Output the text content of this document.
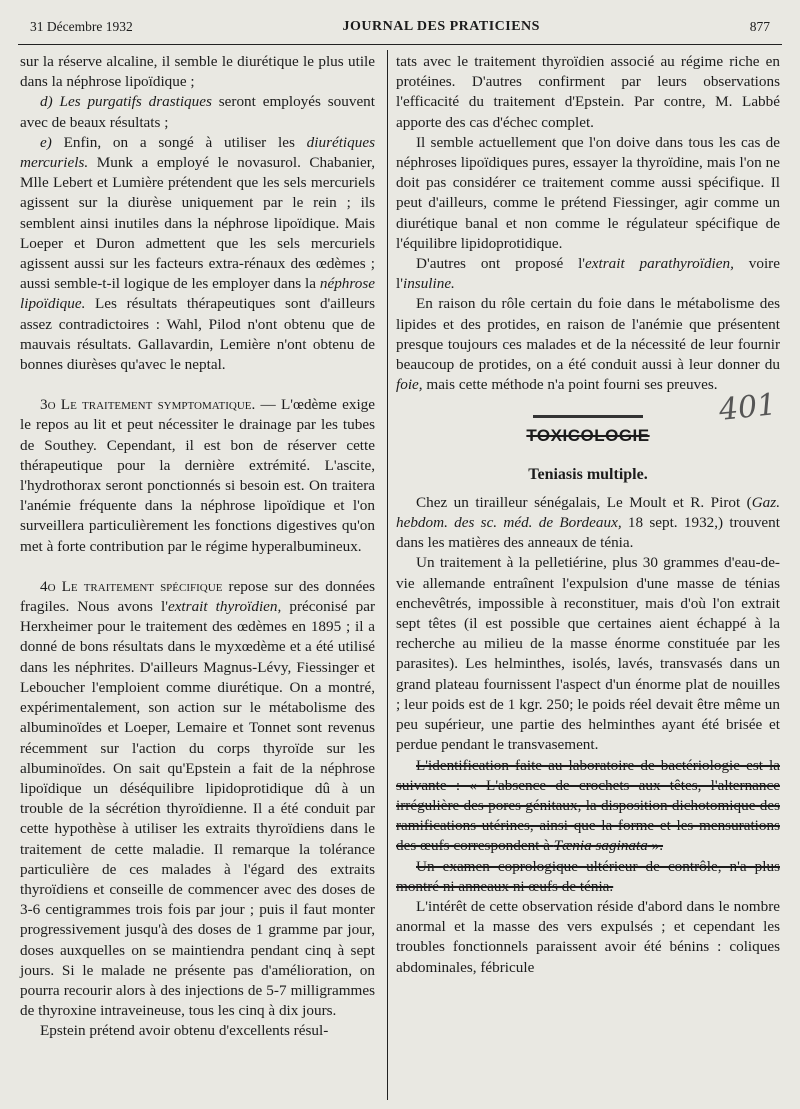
31 Décembre 1932	JOURNAL DES PRATICIENS	877

sur la réserve alcaline, il semble le diurétique le plus utile dans la néphrose lipoïdique ;

d) Les purgatifs drastiques seront employés souvent avec de beaux résultats ;

e) Enfin, on a songé à utiliser les diurétiques mercuriels. Munk a employé le novasurol. Chabanier, Mlle Lebert et Lumière prétendent que les sels mercuriels agissent sur la diurèse uniquement par le rein ; ils semblent ainsi inutiles dans la néphrose lipoïdique. Mais Loeper et Duron admettent que les sels mercuriels agissent aussi sur les facteurs extra-rénaux des œdèmes ; aussi semble-t-il logique de les employer dans la néphrose lipoïdique. Les résultats thérapeutiques sont d'ailleurs assez contradictoires : Wahl, Pilod n'ont obtenu que de mauvais résultats. Gallavardin, Lemière n'ont obtenu de bonnes diurèses qu'avec le neptal.

3o Le traitement symptomatique. — L'œdème exige le repos au lit et peut nécessiter le drainage par les tubes de Southey. Cependant, il est bon de réserver cette thérapeutique pour la dernière extrémité. L'ascite, l'hydrothorax seront ponctionnés si besoin est. On traitera l'anémie fréquente dans la néphrose lipoïdique et l'on surveillera particulièrement les fonctions digestives qu'on met à forte contribution par le régime hyperalbumineux.

4o Le traitement spécifique repose sur des données fragiles. Nous avons l'extrait thyroïdien, préconisé par Herxheimer pour le traitement des œdèmes en 1895 ; il a donné de bons résultats dans le myxœdème et a été utilisé dans les néphrites. D'ailleurs Magnus-Lévy, Fiessinger et Leboucher l'emploient comme diurétique. On a montré, expérimentalement, son action sur le métabolisme des albuminoïdes et Loeper, Lemaire et Tonnet sont revenus récemment sur l'action du corps thyroïde sur les albuminoïdes. On sait qu'Epstein a fait de la néphrose lipoïdique un déséquilibre lipidoprotidique dû à un trouble de la sécrétion thyroïdienne. Il a été conduit par cette hypothèse à utiliser les extraits thyroïdiens dans le traitement de cette maladie. Il remarque la tolérance particulière de ces malades à l'égard des extraits thyroïdiens et conseille de commencer avec des doses de 3-6 centigrammes trois fois par jour ; puis il faut monter progressivement jusqu'à des doses de 1 gramme par jour, doses auxquelles on se maintiendra pendant cinq à sept jours. Si le malade ne présente pas d'amélioration, on pourra recourir alors à des injections de 5-7 milligrammes de thyroxine intraveineuse, tous les cinq à dix jours.

Epstein prétend avoir obtenu d'excellents résul-

tats avec le traitement thyroïdien associé au régime riche en protéines. D'autres confirment par leurs observations l'efficacité du traitement d'Epstein. Par contre, M. Labbé apporte des cas d'échec complet.

Il semble actuellement que l'on doive dans tous les cas de néphroses lipoïdiques pures, essayer la thyroïdine, mais l'on ne doit pas considérer ce traitement comme aussi spécifique. Il peut d'ailleurs, comme le prétend Fiessinger, agir comme un diurétique banal et non comme le régulateur spécifique de l'équilibre lipidoprotidique.

D'autres ont proposé l'extrait parathyroïdien, voire l'insuline.

En raison du rôle certain du foie dans le métabolisme des lipides et des protides, en raison de l'anémie que présentent presque toujours ces malades et de la nécessité de leur fournir beaucoup de protides, on a été conduit aussi à leur donner du foie, mais cette méthode n'a point fourni ses preuves.

TOXICOLOGIE
Teniasis multiple.

Chez un tirailleur sénégalais, Le Moult et R. Pirot (Gaz. hebdom. des sc. méd. de Bordeaux, 18 sept. 1932,) trouvent dans les matières des anneaux de ténia.

Un traitement à la pelletiérine, plus 30 grammes d'eau-de-vie allemande entraînent l'expulsion d'une masse de ténias enchevêtrés, impossible à reconstituer, mais d'où l'on extrait sept têtes (il est possible que certaines aient échappé à la recherche au milieu de la masse énorme constituée par les parasites). Les helminthes, isolés, lavés, transvasés dans un grand plateau fournissent l'aspect d'un énorme plat de nouilles ; leur poids est de 1 kgr. 250; le poids réel devait être même un peu supérieur, une partie des helminthes ayant été brisée et perdue pendant le transvasement.

L'identification faite au laboratoire de bactériologie est la suivante : « L'absence de crochets aux têtes, l'alternance irrégulière des pores génitaux, la disposition dichotomique des ramifications utérines, ainsi que la forme et les mensurations des œufs correspondent à Tænia saginata ».

Un examen coprologique ultérieur de contrôle, n'a plus montré ni anneaux ni œufs de ténia.

L'intérêt de cette observation réside d'abord dans le nombre anormal et la masse des vers expulsés ; et cependant les troubles fonctionnels paraissent avoir été bénins : coliques abdominales, fébricule

401
